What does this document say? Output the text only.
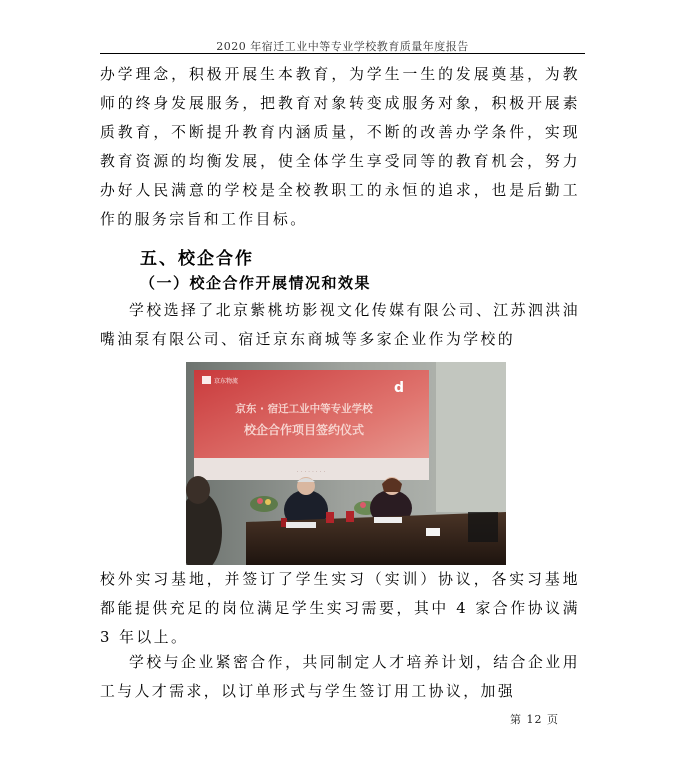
2020 年宿迁工业中等专业学校教育质量年度报告
办学理念，积极开展生本教育，为学生一生的发展奠基，为教师的终身发展服务，把教育对象转变成服务对象，积极开展素质教育，不断提升教育内涵质量，不断的改善办学条件，实现教育资源的均衡发展，使全体学生享受同等的教育机会，努力办好人民满意的学校是全校教职工的永恒的追求，也是后勤工作的服务宗旨和工作目标。
五、校企合作
（一）校企合作开展情况和效果
学校选择了北京紫桃坊影视文化传媒有限公司、江苏泗洪油嘴油泵有限公司、宿迁京东商城等多家企业作为学校的
· · · · · · · ·
京东物流	d
京东 · 宿迁工业中等专业学校
校企合作项目签约仪式
校外实习基地，并签订了学生实习（实训）协议，各实习基地都能提供充足的岗位满足学生实习需要，其中 4 家合作协议满 3 年以上。
学校与企业紧密合作，共同制定人才培养计划，结合企业用工与人才需求，以订单形式与学生签订用工协议，加强
第 12 页
